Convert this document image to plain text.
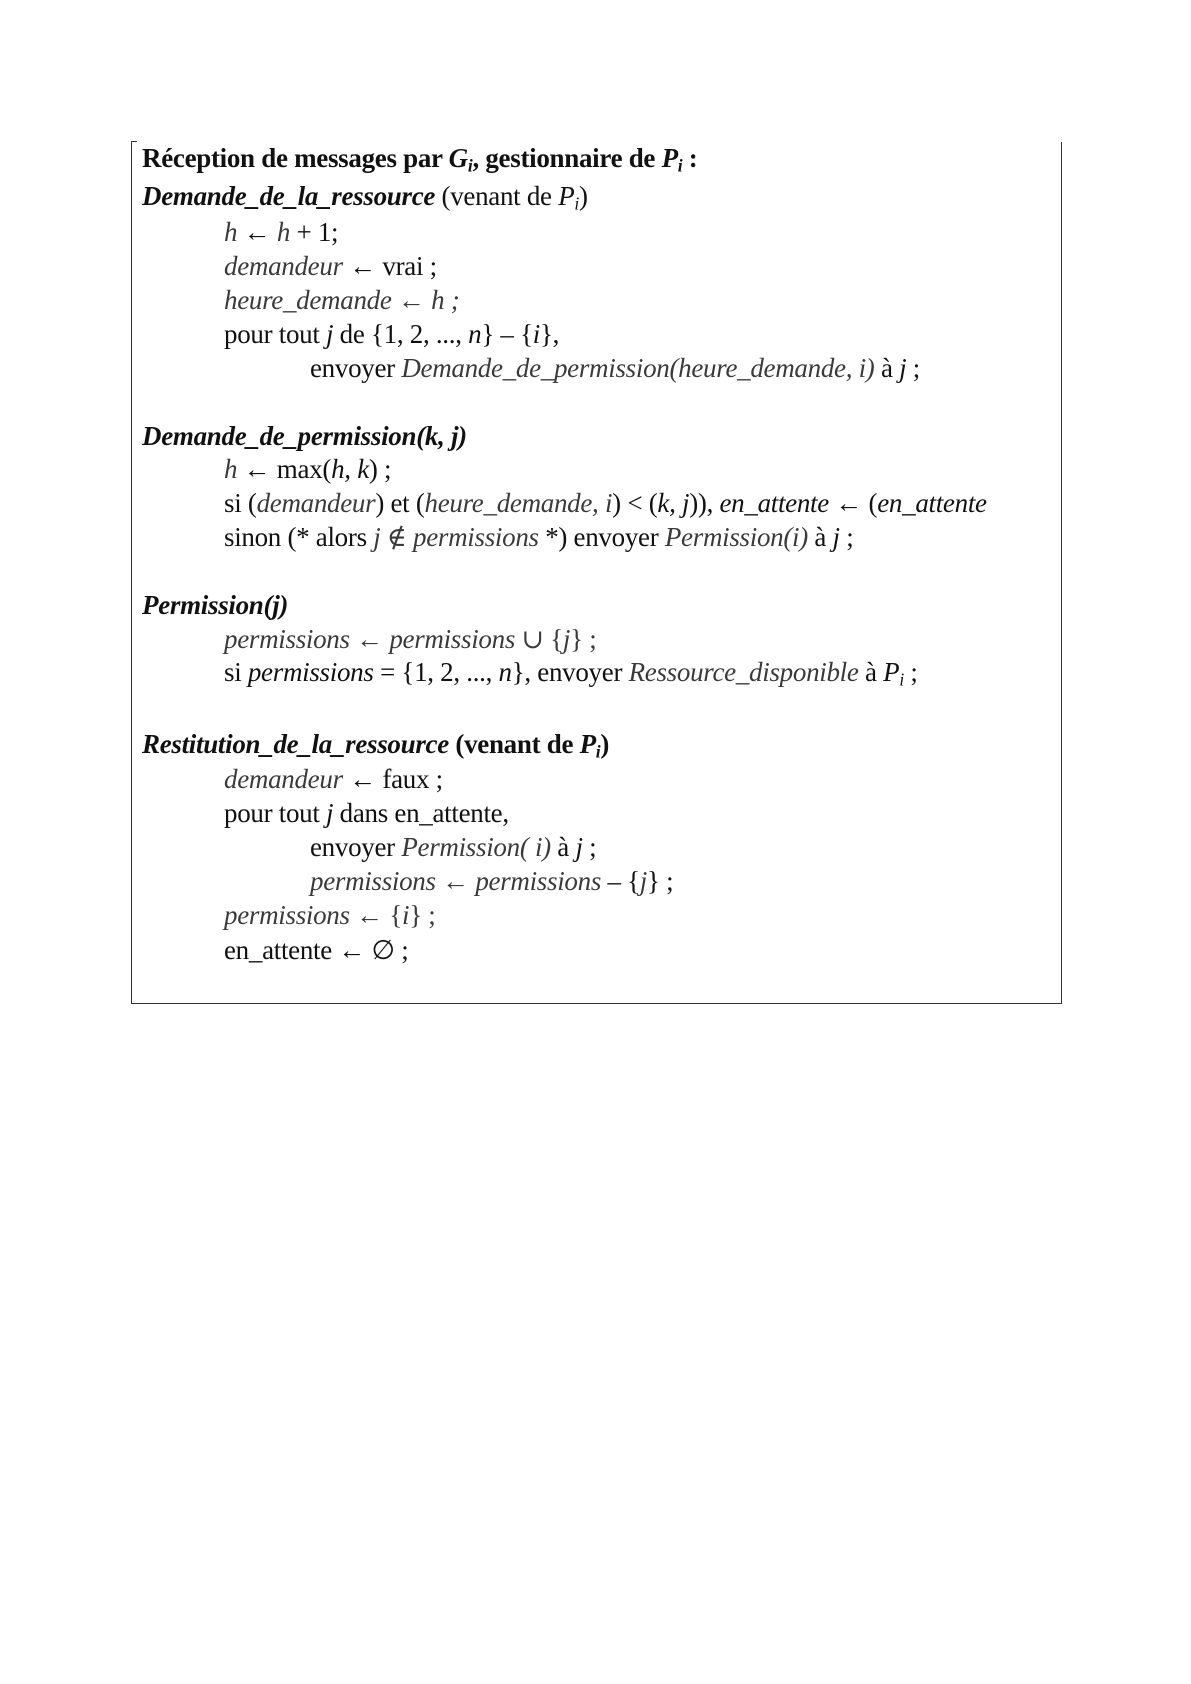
Réception de messages par $G_i$, gestionnaire de $P_i$ :
Demande_de_la_ressource (venant de $P_i$)
h ← h + 1;
demandeur ← vrai ;
heure_demande ← h ;
pour tout j de {1, 2, ..., n} – {i},
envoyer Demande_de_permission(heure_demande, i) à j ;
Demande_de_permission(k, j)
h ← max(h, k) ;
si (demandeur) et (heure_demande, i) < (k, j)), en_attente ← (en_attente
sinon (* alors j ∉ permissions *) envoyer Permission(i) à j ;
Permission(j)
permissions ← permissions ∪ {j} ;
si permissions = {1, 2, ..., n}, envoyer Ressource_disponible à $P_i$ ;
Restitution_de_la_ressource (venant de $P_i$)
demandeur ← faux ;
pour tout j dans en_attente,
envoyer Permission( i) à j ;
permissions ← permissions – {j} ;
permissions ← {i} ;
en_attente ← ∅ ;
